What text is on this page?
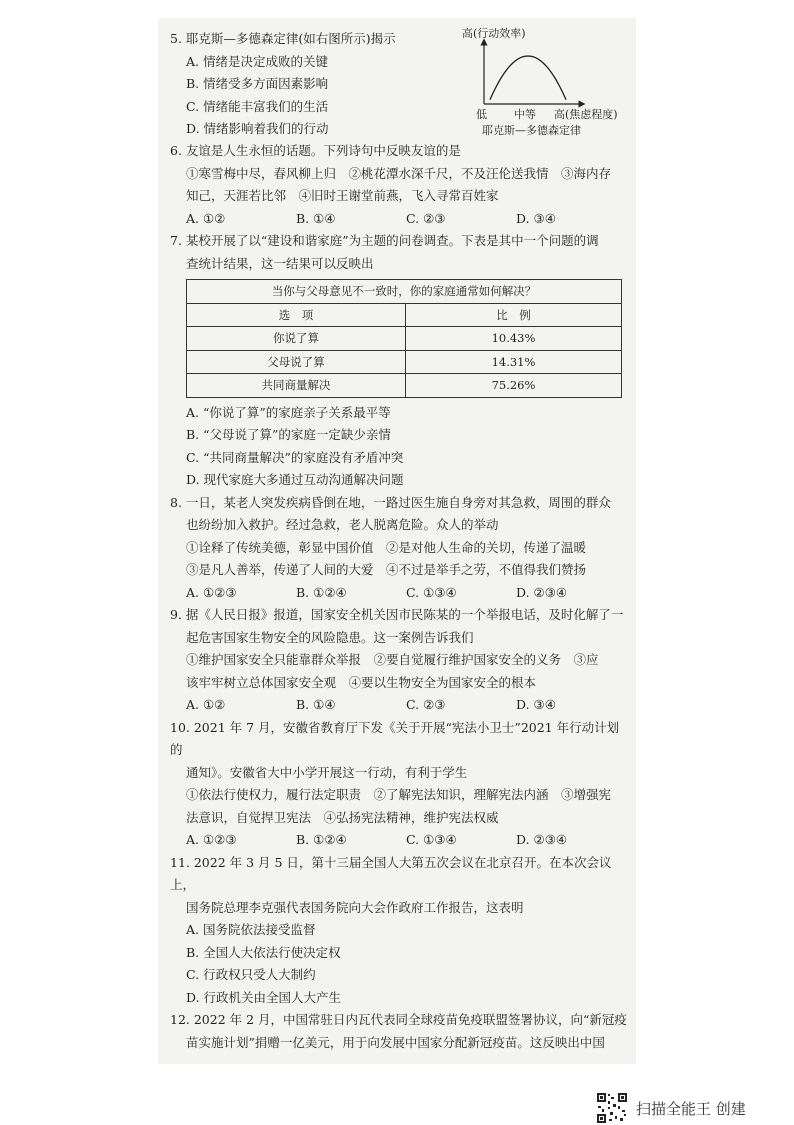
5. 耶克斯—多德森定律(如右图所示)揭示

A. 情绪是决定成败的关键

B. 情绪受多方面因素影响

C. 情绪能丰富我们的生活

D. 情绪影响着我们的行动

高(行动效率)
低 中等 高(焦虑程度)
耶克斯—多德森定律

6. 友谊是人生永恒的话题。下列诗句中反映友谊的是

①寒雪梅中尽，春风柳上归　②桃花潭水深千尺，不及汪伦送我情　③海内存

知己，天涯若比邻　④旧时王谢堂前燕，飞入寻常百姓家

A. ①②	B. ①④	C. ②③	D. ③④

7. 某校开展了以“建设和谐家庭”为主题的问卷调查。下表是其中一个问题的调

查统计结果，这一结果可以反映出

当你与父母意见不一致时，你的家庭通常如何解决？	
选　项	比　例
你说了算	10.43%
父母说了算	14.31%
共同商量解决	75.26%

A. “你说了算”的家庭亲子关系最平等

B. “父母说了算”的家庭一定缺少亲情

C. “共同商量解决”的家庭没有矛盾冲突

D. 现代家庭大多通过互动沟通解决问题

8. 一日，某老人突发疾病昏倒在地，一路过医生施自身旁对其急救，周围的群众

也纷纷加入救护。经过急救，老人脱离危险。众人的举动

①诠释了传统美德，彰显中国价值　②是对他人生命的关切，传递了温暖

③是凡人善举，传递了人间的大爱　④不过是举手之劳，不值得我们赞扬

A. ①②③	B. ①②④	C. ①③④	D. ②③④

9. 据《人民日报》报道，国家安全机关因市民陈某的一个举报电话，及时化解了一

起危害国家生物安全的风险隐患。这一案例告诉我们

①维护国家安全只能靠群众举报　②要自觉履行维护国家安全的义务　③应

该牢牢树立总体国家安全观　④要以生物安全为国家安全的根本

A. ①②	B. ①④	C. ②③	D. ③④

10. 2021 年 7 月，安徽省教育厅下发《关于开展“宪法小卫士”2021 年行动计划的

通知》。安徽省大中小学开展这一行动，有利于学生

①依法行使权力，履行法定职责　②了解宪法知识，理解宪法内涵　③增强宪

法意识，自觉捍卫宪法　④弘扬宪法精神，维护宪法权威

A. ①②③	B. ①②④	C. ①③④	D. ②③④

11. 2022 年 3 月 5 日，第十三届全国人大第五次会议在北京召开。在本次会议上，

国务院总理李克强代表国务院向大会作政府工作报告，这表明

A. 国务院依法接受监督

B. 全国人大依法行使决定权

C. 行政权只受人大制约

D. 行政机关由全国人大产生

12. 2022 年 2 月，中国常驻日内瓦代表同全球疫苗免疫联盟签署协议，向“新冠疫

苗实施计划”捐赠一亿美元，用于向发展中国家分配新冠疫苗。这反映出中国

扫描全能王 创建
